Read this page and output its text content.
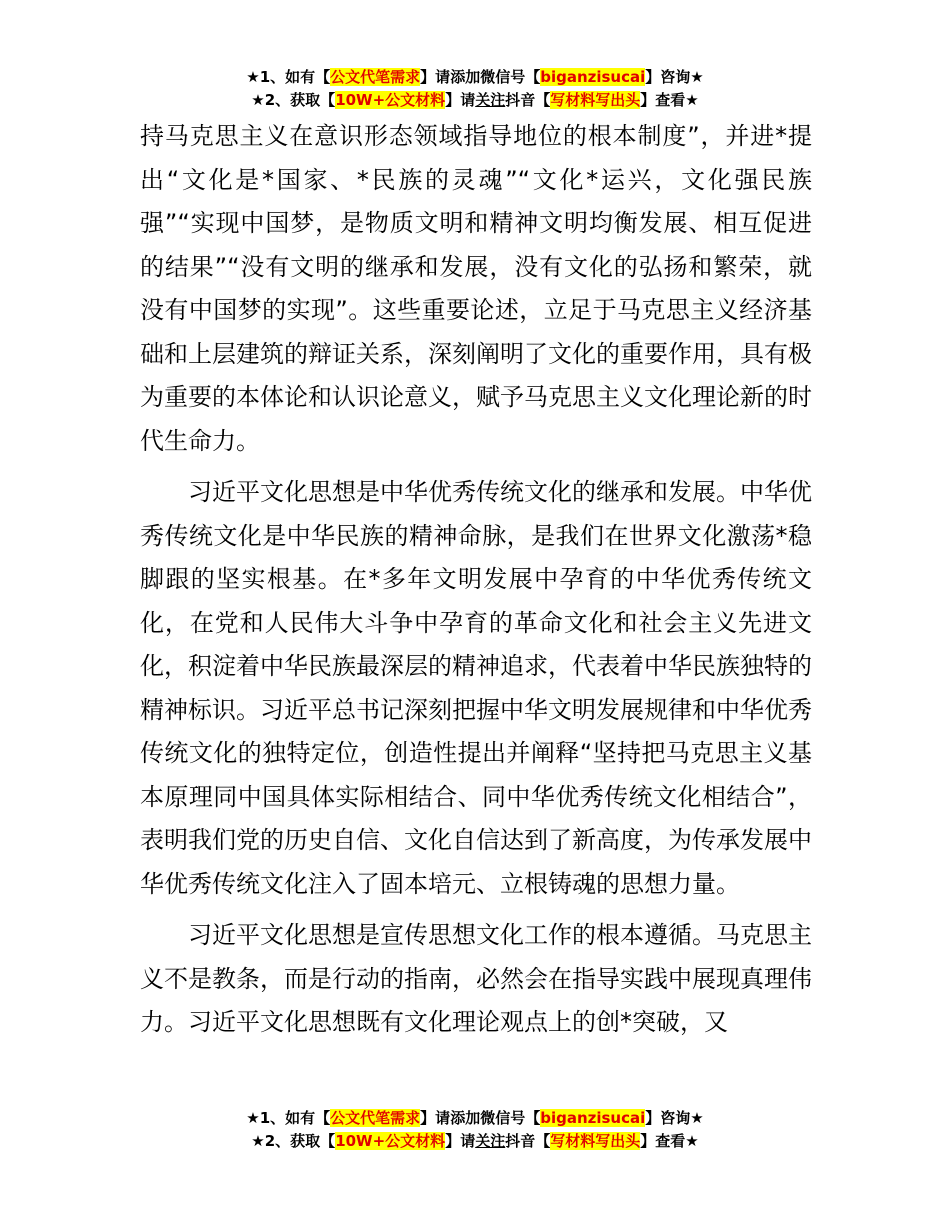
★1、如有【公文代笔需求】请添加微信号【biganzisucai】咨询★
★2、获取【10W+公文材料】请关注抖音【写材料写出头】查看★

持马克思主义在意识形态领域指导地位的根本制度”，并进*提出“文化是*国家、*民族的灵魂”“文化*运兴，文化强民族强”“实现中国梦，是物质文明和精神文明均衡发展、相互促进的结果”“没有文明的继承和发展，没有文化的弘扬和繁荣，就没有中国梦的实现”。这些重要论述，立足于马克思主义经济基础和上层建筑的辩证关系，深刻阐明了文化的重要作用，具有极为重要的本体论和认识论意义，赋予马克思主义文化理论新的时代生命力。

习近平文化思想是中华优秀传统文化的继承和发展。中华优秀传统文化是中华民族的精神命脉，是我们在世界文化激荡*稳脚跟的坚实根基。在*多年文明发展中孕育的中华优秀传统文化，在党和人民伟大斗争中孕育的革命文化和社会主义先进文化，积淀着中华民族最深层的精神追求，代表着中华民族独特的精神标识。习近平总书记深刻把握中华文明发展规律和中华优秀传统文化的独特定位，创造性提出并阐释“坚持把马克思主义基本原理同中国具体实际相结合、同中华优秀传统文化相结合”，表明我们党的历史自信、文化自信达到了新高度，为传承发展中华优秀传统文化注入了固本培元、立根铸魂的思想力量。

习近平文化思想是宣传思想文化工作的根本遵循。马克思主义不是教条，而是行动的指南，必然会在指导实践中展现真理伟力。习近平文化思想既有文化理论观点上的创*突破，又

★1、如有【公文代笔需求】请添加微信号【biganzisucai】咨询★
★2、获取【10W+公文材料】请关注抖音【写材料写出头】查看★
